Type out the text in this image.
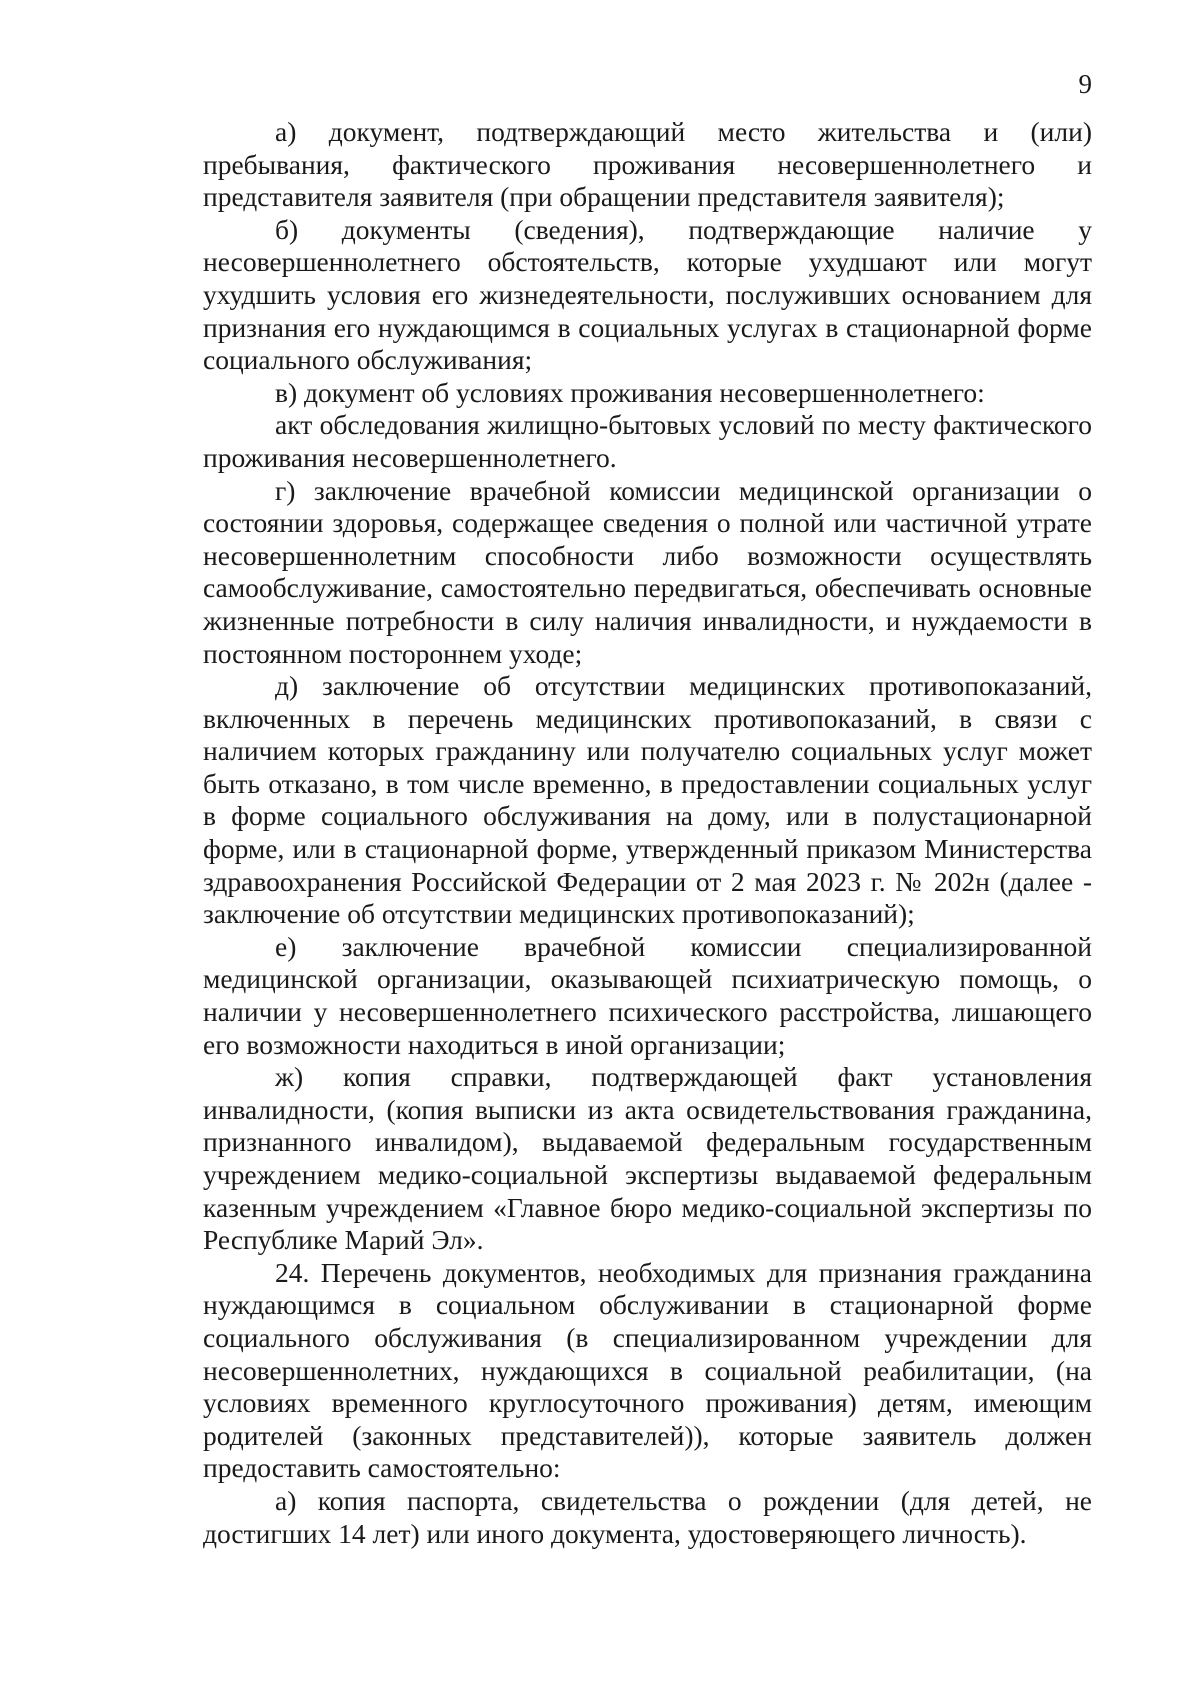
9

а) документ, подтверждающий место жительства и (или) пребывания, фактического проживания несовершеннолетнего и представителя заявителя (при обращении представителя заявителя);

б) документы (сведения), подтверждающие наличие у несовершеннолетнего обстоятельств, которые ухудшают или могут ухудшить условия его жизнедеятельности, послуживших основанием для признания его нуждающимся в социальных услугах в стационарной форме социального обслуживания;

в) документ об условиях проживания несовершеннолетнего:

акт обследования жилищно-бытовых условий по месту фактического проживания несовершеннолетнего.

г) заключение врачебной комиссии медицинской организации о состоянии здоровья, содержащее сведения о полной или частичной утрате несовершеннолетним способности либо возможности осуществлять самообслуживание, самостоятельно передвигаться, обеспечивать основные жизненные потребности в силу наличия инвалидности, и нуждаемости в постоянном постороннем уходе;

д) заключение об отсутствии медицинских противопоказаний, включенных в перечень медицинских противопоказаний, в связи с наличием которых гражданину или получателю социальных услуг может быть отказано, в том числе временно, в предоставлении социальных услуг в форме социального обслуживания на дому, или в полустационарной форме, или в стационарной форме, утвержденный приказом Министерства здравоохранения Российской Федерации от 2 мая 2023 г. № 202н (далее - заключение об отсутствии медицинских противопоказаний);

е) заключение врачебной комиссии специализированной медицинской организации, оказывающей психиатрическую помощь, о наличии у несовершеннолетнего психического расстройства, лишающего его возможности находиться в иной организации;

ж) копия справки, подтверждающей факт установления инвалидности, (копия выписки из акта освидетельствования гражданина, признанного инвалидом), выдаваемой федеральным государственным учреждением медико-социальной экспертизы выдаваемой федеральным казенным учреждением «Главное бюро медико-социальной экспертизы по Республике Марий Эл».

24. Перечень документов, необходимых для признания гражданина нуждающимся в социальном обслуживании в стационарной форме социального обслуживания (в специализированном учреждении для несовершеннолетних, нуждающихся в социальной реабилитации, (на условиях временного круглосуточного проживания) детям, имеющим родителей (законных представителей)), которые заявитель должен предоставить самостоятельно:

а) копия паспорта, свидетельства о рождении (для детей, не достигших 14 лет) или иного документа, удостоверяющего личность).
